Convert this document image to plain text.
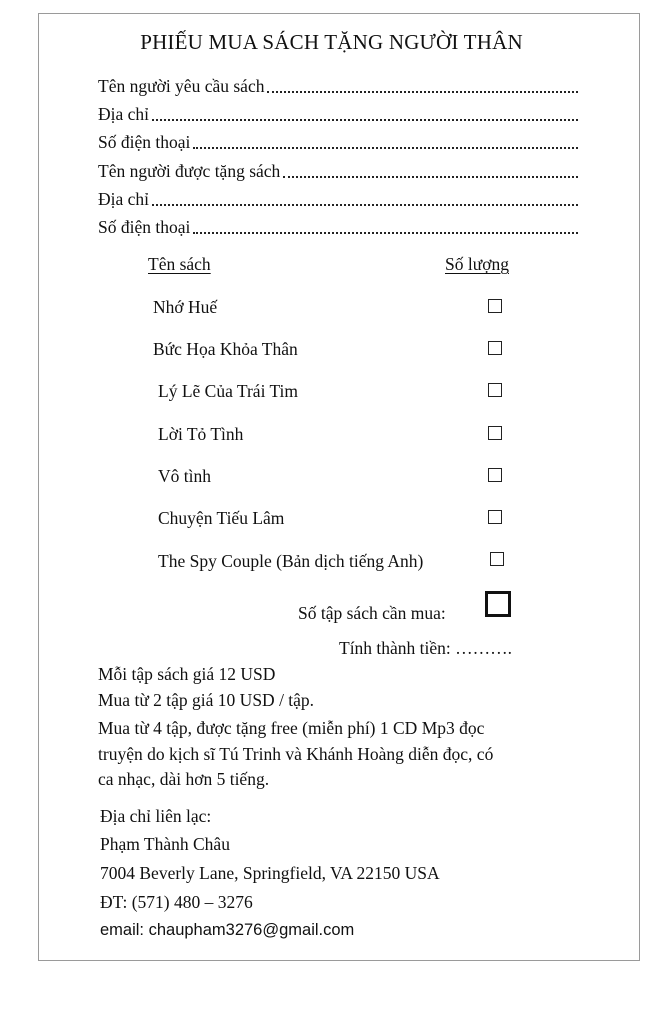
PHIẾU MUA SÁCH TẶNG NGƯỜI THÂN
Tên người yêu cầu sách
Địa chỉ
Số điện thoại
Tên người được tặng sách
Địa chỉ
Số điện thoại
Tên sách	Số lượng
Nhớ Huế
Bức Họa Khỏa Thân
Lý Lẽ Của Trái Tim
Lời Tỏ Tình
Vô tình
Chuyện Tiếu Lâm
The Spy Couple (Bản dịch tiếng Anh)
Số tập sách cần mua:
Tính thành tiền: ……….
Mỗi tập sách giá 12 USD
Mua từ 2 tập giá 10 USD / tập.
Mua từ 4 tập, được tặng free (miễn phí) 1 CD Mp3 đọc
truyện do kịch sĩ Tú Trinh và Khánh Hoàng diễn đọc, có
ca nhạc, dài hơn 5 tiếng.
Địa chỉ liên lạc:
Phạm Thành Châu
7004 Beverly Lane, Springfield, VA 22150 USA
ĐT: (571) 480 – 3276
email: chaupham3276@gmail.com
